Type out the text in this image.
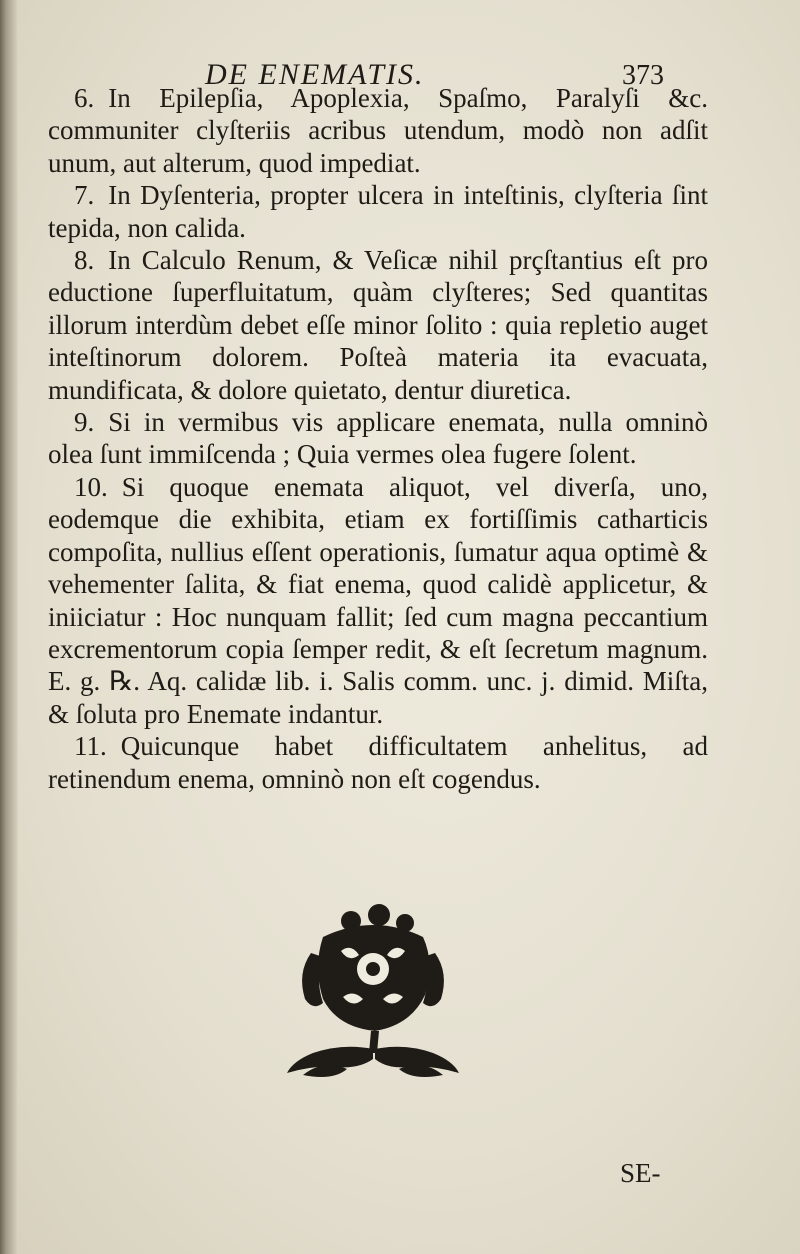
DE ENEMATIS.	373

6. In Epilepſia, Apoplexia, Spaſmo, Paralyſi &c. communiter clyſteriis acribus utendum, modò non adſit unum, aut alterum, quod impediat.

7. In Dyſenteria, propter ulcera in inteſtinis, clyſteria ſint tepida, non calida.

8. In Calculo Renum, & Veſicæ nihil prçſtantius eſt pro eductione ſuperfluitatum, quàm clyſteres; Sed quantitas illorum interdùm debet eſſe minor ſolito : quia repletio auget inteſtinorum dolorem. Poſteà materia ita evacuata, mundificata, & dolore quietato, dentur diuretica.

9. Si in vermibus vis applicare enemata, nulla omninò olea ſunt immiſcenda ; Quia vermes olea fugere ſolent.

10. Si quoque enemata aliquot, vel diverſa, uno, eodemque die exhibita, etiam ex fortiſſimis catharticis compoſita, nullius eſſent operationis, ſumatur aqua optimè & vehementer ſalita, & fiat enema, quod calidè applicetur, & iniiciatur : Hoc nunquam fallit; ſed cum magna peccantium excrementorum copia ſemper redit, & eſt ſecretum magnum. E. g. ℞. Aq. calidæ lib. i. Salis comm. unc. j. dimid. Miſta, & ſoluta pro Enemate indantur.

11. Quicunque habet difficultatem anhelitus, ad retinendum enema, omninò non eſt cogendus.

SE-
